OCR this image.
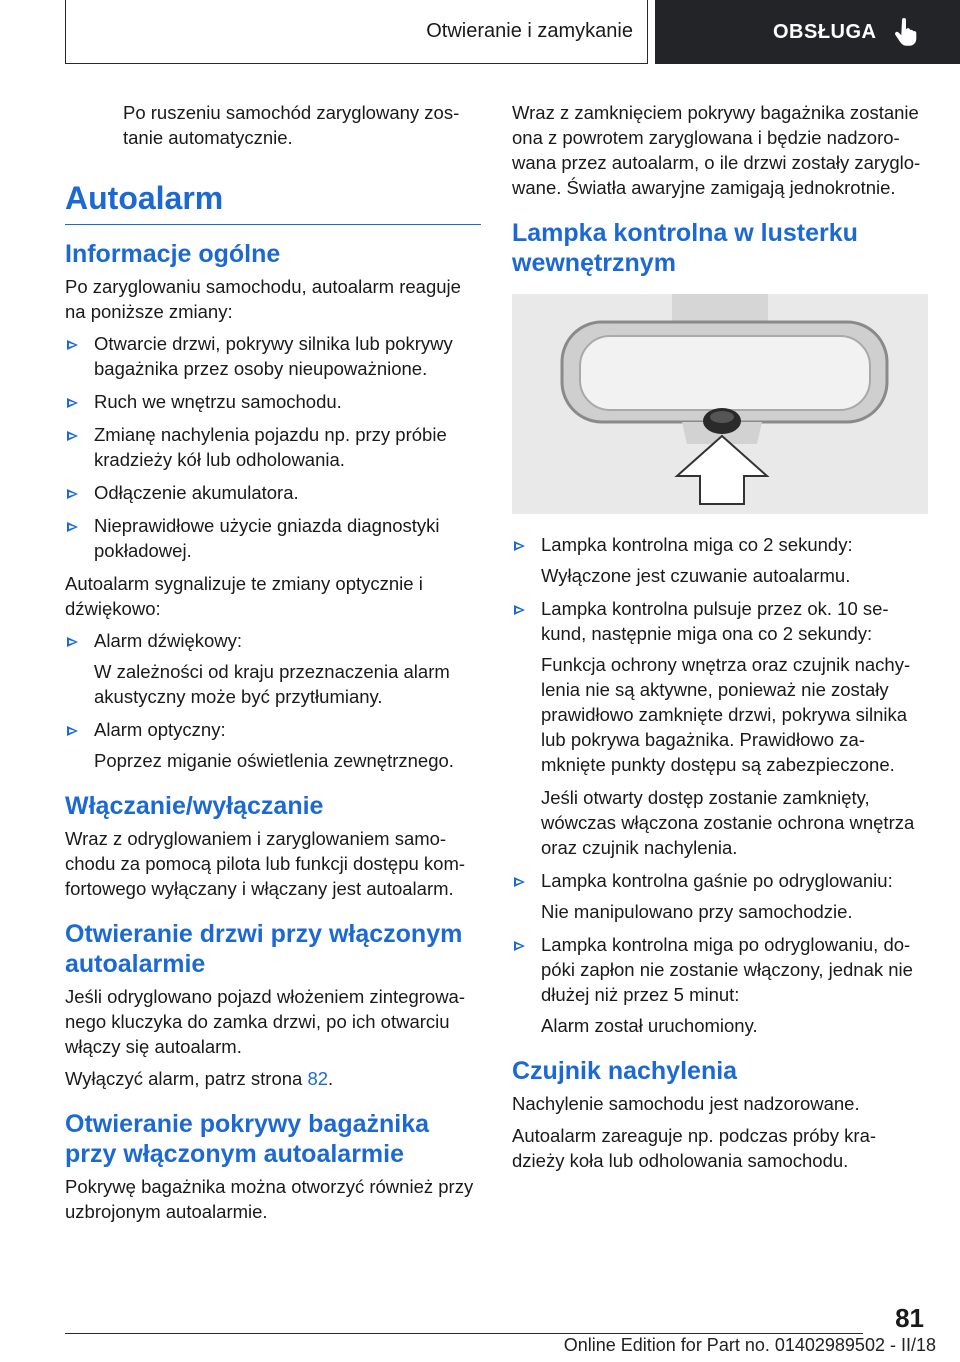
Otwieranie i zamykanie	OBSŁUGA

Po ruszeniu samochód zaryglowany zos-tanie automatycznie.

Autoalarm
Informacje ogólne

Po zaryglowaniu samochodu, autoalarm reaguje na poniższe zmiany:

Otwarcie drzwi, pokrywy silnika lub pokrywy bagażnika przez osoby nieupoważnione.
Ruch we wnętrzu samochodu.
Zmianę nachylenia pojazdu np. przy próbie kradzieży kół lub odholowania.
Odłączenie akumulatora.
Nieprawidłowe użycie gniazda diagnostyki pokładowej.

Autoalarm sygnalizuje te zmiany optycznie i dźwiękowo:

Alarm dźwiękowy:
W zależności od kraju przeznaczenia alarm akustyczny może być przytłumiany.
Alarm optyczny:
Poprzez miganie oświetlenia zewnętrznego.
Włączanie/wyłączanie

Wraz z odryglowaniem i zaryglowaniem samo-chodu za pomocą pilota lub funkcji dostępu kom-fortowego wyłączany i włączany jest autoalarm.

Otwieranie drzwi przy włączonym autoalarmie

Jeśli odryglowano pojazd włożeniem zintegrowa-nego kluczyka do zamka drzwi, po ich otwarciu włączy się autoalarm.

Wyłączyć alarm, patrz strona 82.

Otwieranie pokrywy bagażnika przy włączonym autoalarmie

Pokrywę bagażnika można otworzyć również przy uzbrojonym autoalarmie.

Wraz z zamknięciem pokrywy bagażnika zostanie ona z powrotem zaryglowana i będzie nadzoro-wana przez autoalarm, o ile drzwi zostały zaryglo-wane. Światła awaryjne zamigają jednokrotnie.

Lampka kontrolna w lusterku wewnętrznym
Lampka kontrolna miga co 2 sekundy:
Wyłączone jest czuwanie autoalarmu.
Lampka kontrolna pulsuje przez ok. 10 se-kund, następnie miga ona co 2 sekundy:
Funkcja ochrony wnętrza oraz czujnik nachy-lenia nie są aktywne, ponieważ nie zostały prawidłowo zamknięte drzwi, pokrywa silnika lub pokrywa bagażnika. Prawidłowo za-mknięte punkty dostępu są zabezpieczone.
Jeśli otwarty dostęp zostanie zamknięty, wówczas włączona zostanie ochrona wnętrza oraz czujnik nachylenia.
Lampka kontrolna gaśnie po odryglowaniu:
Nie manipulowano przy samochodzie.
Lampka kontrolna miga po odryglowaniu, do-póki zapłon nie zostanie włączony, jednak nie dłużej niż przez 5 minut:
Alarm został uruchomiony.
Czujnik nachylenia

Nachylenie samochodu jest nadzorowane.

Autoalarm zareaguje np. podczas próby kra-dzieży koła lub odholowania samochodu.

81
Online Edition for Part no. 01402989502 - II/18
